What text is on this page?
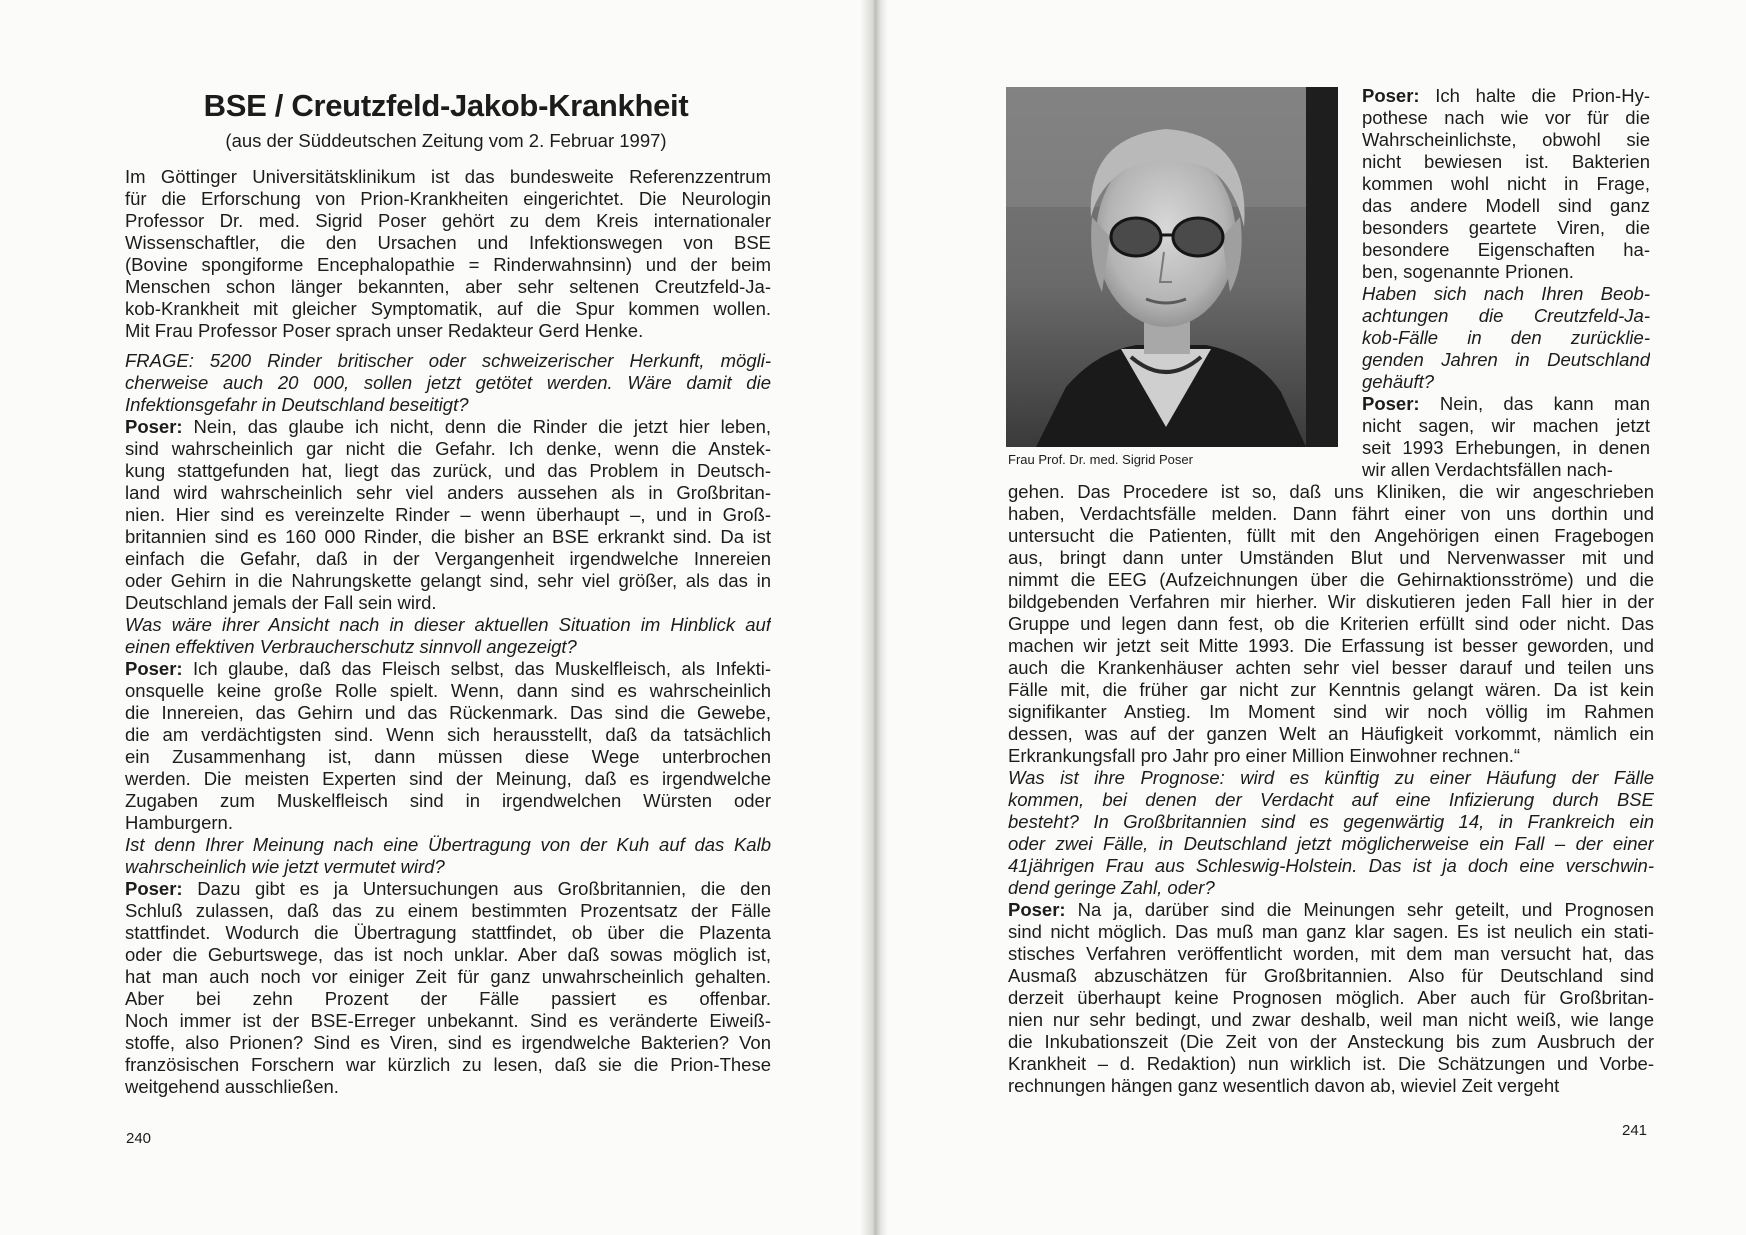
BSE / Creutzfeld-Jakob-Krankheit
(aus der Süddeutschen Zeitung vom 2. Februar 1997)
Im Göttinger Universitätsklinikum ist das bundesweite Referenzzentrum
für die Erforschung von Prion-Krankheiten eingerichtet. Die Neurologin
Professor Dr. med. Sigrid Poser gehört zu dem Kreis internationaler
Wissenschaftler, die den Ursachen und Infektionswegen von BSE
(Bovine spongiforme Encephalopathie = Rinderwahnsinn) und der beim
Menschen schon länger bekannten, aber sehr seltenen Creutzfeld-Ja-
kob-Krankheit mit gleicher Symptomatik, auf die Spur kommen wollen.
Mit Frau Professor Poser sprach unser Redakteur Gerd Henke.
FRAGE: 5200 Rinder britischer oder schweizerischer Herkunft, mögli-
cherweise auch 20 000, sollen jetzt getötet werden. Wäre damit die
Infektionsgefahr in Deutschland beseitigt?
Poser: Nein, das glaube ich nicht, denn die Rinder die jetzt hier leben,
sind wahrscheinlich gar nicht die Gefahr. Ich denke, wenn die Anstek-
kung stattgefunden hat, liegt das zurück, und das Problem in Deutsch-
land wird wahrscheinlich sehr viel anders aussehen als in Großbritan-
nien. Hier sind es vereinzelte Rinder – wenn überhaupt –, und in Groß-
britannien sind es 160 000 Rinder, die bisher an BSE erkrankt sind. Da ist
einfach die Gefahr, daß in der Vergangenheit irgendwelche Innereien
oder Gehirn in die Nahrungskette gelangt sind, sehr viel größer, als das in
Deutschland jemals der Fall sein wird.
Was wäre ihrer Ansicht nach in dieser aktuellen Situation im Hinblick auf
einen effektiven Verbraucherschutz sinnvoll angezeigt?
Poser: Ich glaube, daß das Fleisch selbst, das Muskelfleisch, als Infekti-
onsquelle keine große Rolle spielt. Wenn, dann sind es wahrscheinlich
die Innereien, das Gehirn und das Rückenmark. Das sind die Gewebe,
die am verdächtigsten sind. Wenn sich herausstellt, daß da tatsächlich
ein Zusammenhang ist, dann müssen diese Wege unterbrochen
werden. Die meisten Experten sind der Meinung, daß es irgendwelche
Zugaben zum Muskelfleisch sind in irgendwelchen Würsten oder
Hamburgern.
Ist denn Ihrer Meinung nach eine Übertragung von der Kuh auf das Kalb
wahrscheinlich wie jetzt vermutet wird?
Poser: Dazu gibt es ja Untersuchungen aus Großbritannien, die den
Schluß zulassen, daß das zu einem bestimmten Prozentsatz der Fälle
stattfindet. Wodurch die Übertragung stattfindet, ob über die Plazenta
oder die Geburtswege, das ist noch unklar. Aber daß sowas möglich ist,
hat man auch noch vor einiger Zeit für ganz unwahrscheinlich gehalten.
Aber bei zehn Prozent der Fälle passiert es offenbar.
Noch immer ist der BSE-Erreger unbekannt. Sind es veränderte Eiweiß-
stoffe, also Prionen? Sind es Viren, sind es irgendwelche Bakterien? Von
französischen Forschern war kürzlich zu lesen, daß sie die Prion-These
weitgehend ausschließen.
240
Frau Prof. Dr. med. Sigrid Poser
Poser: Ich halte die Prion-Hy-
pothese nach wie vor für die
Wahrscheinlichste, obwohl sie
nicht bewiesen ist. Bakterien
kommen wohl nicht in Frage,
das andere Modell sind ganz
besonders geartete Viren, die
besondere Eigenschaften ha-
ben, sogenannte Prionen.
Haben sich nach Ihren Beob-
achtungen die Creutzfeld-Ja-
kob-Fälle in den zurücklie-
genden Jahren in Deutschland
gehäuft?
Poser: Nein, das kann man
nicht sagen, wir machen jetzt
seit 1993 Erhebungen, in denen
wir allen Verdachtsfällen nach-
gehen. Das Procedere ist so, daß uns Kliniken, die wir angeschrieben
haben, Verdachtsfälle melden. Dann fährt einer von uns dorthin und
untersucht die Patienten, füllt mit den Angehörigen einen Fragebogen
aus, bringt dann unter Umständen Blut und Nervenwasser mit und
nimmt die EEG (Aufzeichnungen über die Gehirnaktionsströme) und die
bildgebenden Verfahren mir hierher. Wir diskutieren jeden Fall hier in der
Gruppe und legen dann fest, ob die Kriterien erfüllt sind oder nicht. Das
machen wir jetzt seit Mitte 1993. Die Erfassung ist besser geworden, und
auch die Krankenhäuser achten sehr viel besser darauf und teilen uns
Fälle mit, die früher gar nicht zur Kenntnis gelangt wären. Da ist kein
signifikanter Anstieg. Im Moment sind wir noch völlig im Rahmen
dessen, was auf der ganzen Welt an Häufigkeit vorkommt, nämlich ein
Erkrankungsfall pro Jahr pro einer Million Einwohner rechnen.“
Was ist ihre Prognose: wird es künftig zu einer Häufung der Fälle
kommen, bei denen der Verdacht auf eine Infizierung durch BSE
besteht? In Großbritannien sind es gegenwärtig 14, in Frankreich ein
oder zwei Fälle, in Deutschland jetzt möglicherweise ein Fall – der einer
41jährigen Frau aus Schleswig-Holstein. Das ist ja doch eine verschwin-
dend geringe Zahl, oder?
Poser: Na ja, darüber sind die Meinungen sehr geteilt, und Prognosen
sind nicht möglich. Das muß man ganz klar sagen. Es ist neulich ein stati-
stisches Verfahren veröffentlicht worden, mit dem man versucht hat, das
Ausmaß abzuschätzen für Großbritannien. Also für Deutschland sind
derzeit überhaupt keine Prognosen möglich. Aber auch für Großbritan-
nien nur sehr bedingt, und zwar deshalb, weil man nicht weiß, wie lange
die Inkubationszeit (Die Zeit von der Ansteckung bis zum Ausbruch der
Krankheit – d. Redaktion) nun wirklich ist. Die Schätzungen und Vorbe-
rechnungen hängen ganz wesentlich davon ab, wieviel Zeit vergeht
241
